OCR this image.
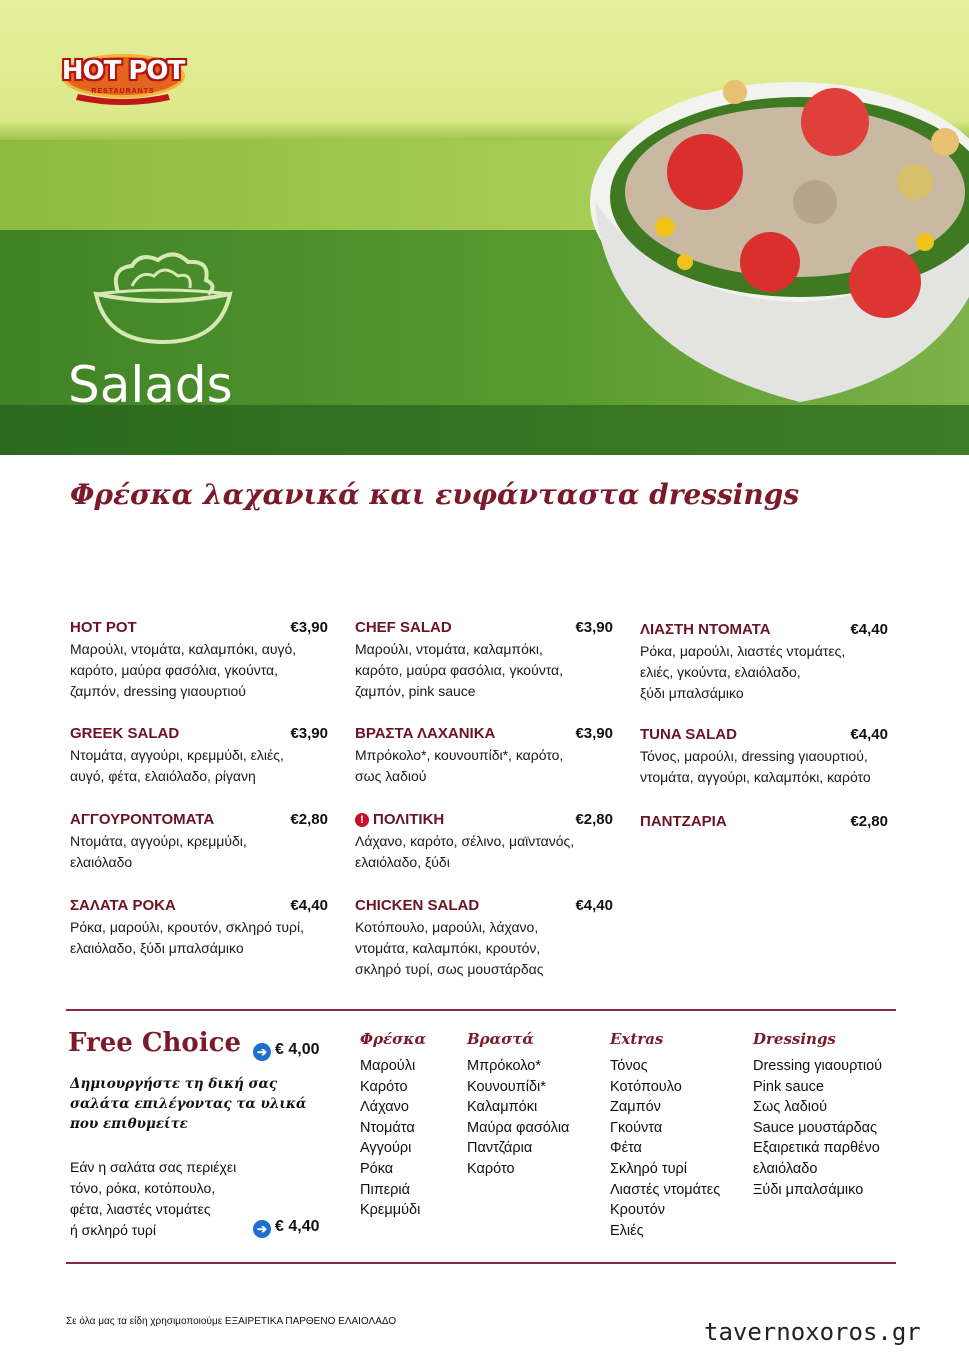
HOT POT
RESTAURANTS
Salads
Φρέσκα λαχανικά και ευφάνταστα dressings
HOT POT	€3,90
Μαρούλι, ντομάτα, καλαμπόκι, αυγό,
καρότο, μαύρα φασόλια, γκούντα,
ζαμπόν, dressing γιαουρτιού
GREEK SALAD	€3,90
Ντομάτα, αγγούρι, κρεμμύδι, ελιές,
αυγό, φέτα, ελαιόλαδο, ρίγανη
ΑΓΓΟΥΡΟΝΤΟΜΑΤΑ	€2,80
Ντομάτα, αγγούρι, κρεμμύδι,
ελαιόλαδο
ΣΑΛΑΤΑ ΡΟΚΑ	€4,40
Ρόκα, μαρούλι, κρουτόν, σκληρό τυρί,
ελαιόλαδο, ξύδι μπαλσάμικο
CHEF SALAD	€3,90
Μαρούλι, ντομάτα, καλαμπόκι,
καρότο, μαύρα φασόλια, γκούντα,
ζαμπόν, pink sauce
ΒΡΑΣΤΑ ΛΑΧΑΝΙΚΑ	€3,90
Μπρόκολο*, κουνουπίδι*, καρότο,
σως λαδιού
! ΠΟΛΙΤΙΚΗ	€2,80
Λάχανο, καρότο, σέλινο, μαϊντανός,
ελαιόλαδο, ξύδι
CHICKEN SALAD	€4,40
Κοτόπουλο, μαρούλι, λάχανο,
ντομάτα, καλαμπόκι, κρουτόν,
σκληρό τυρί, σως μουστάρδας
ΛΙΑΣΤΗ ΝΤΟΜΑΤΑ	€4,40
Ρόκα, μαρούλι, λιαστές ντομάτες,
ελιές, γκούντα, ελαιόλαδο,
ξύδι μπαλσάμικο
TUNA SALAD	€4,40
Τόνος, μαρούλι, dressing γιαουρτιού,
ντομάτα, αγγούρι, καλαμπόκι, καρότο
ΠΑΝΤΖΑΡΙΑ	€2,80
Free Choice	➔ € 4,00
Δημιουργήστε τη δική σας
σαλάτα επιλέγοντας τα υλικά
που επιθυμείτε
Εάν η σαλάτα σας περιέχει
τόνο, ρόκα, κοτόπουλο,
φέτα, λιαστές ντομάτες
ή σκληρό τυρί	➔ € 4,40
Φρέσκα
Μαρούλι
Καρότο
Λάχανο
Ντομάτα
Αγγούρι
Ρόκα
Πιπεριά
Κρεμμύδι
Βραστά
Μπρόκολο*
Κουνουπίδι*
Καλαμπόκι
Μαύρα φασόλια
Παντζάρια
Καρότο
Extras
Τόνος
Κοτόπουλο
Ζαμπόν
Γκούντα
Φέτα
Σκληρό τυρί
Λιαστές ντομάτες
Κρουτόν
Ελιές
Dressings
Dressing γιαουρτιού
Pink sauce
Σως λαδιού
Sauce μουστάρδας
Εξαιρετικά παρθένο
ελαιόλαδο
Ξύδι μπαλσάμικο
Σε όλα μας τα είδη χρησιμοποιούμε ΕΞΑΙΡΕΤΙΚΑ ΠΑΡΘΕΝΟ ΕΛΑΙΟΛΑΔΟ	tavernoxoros.gr
